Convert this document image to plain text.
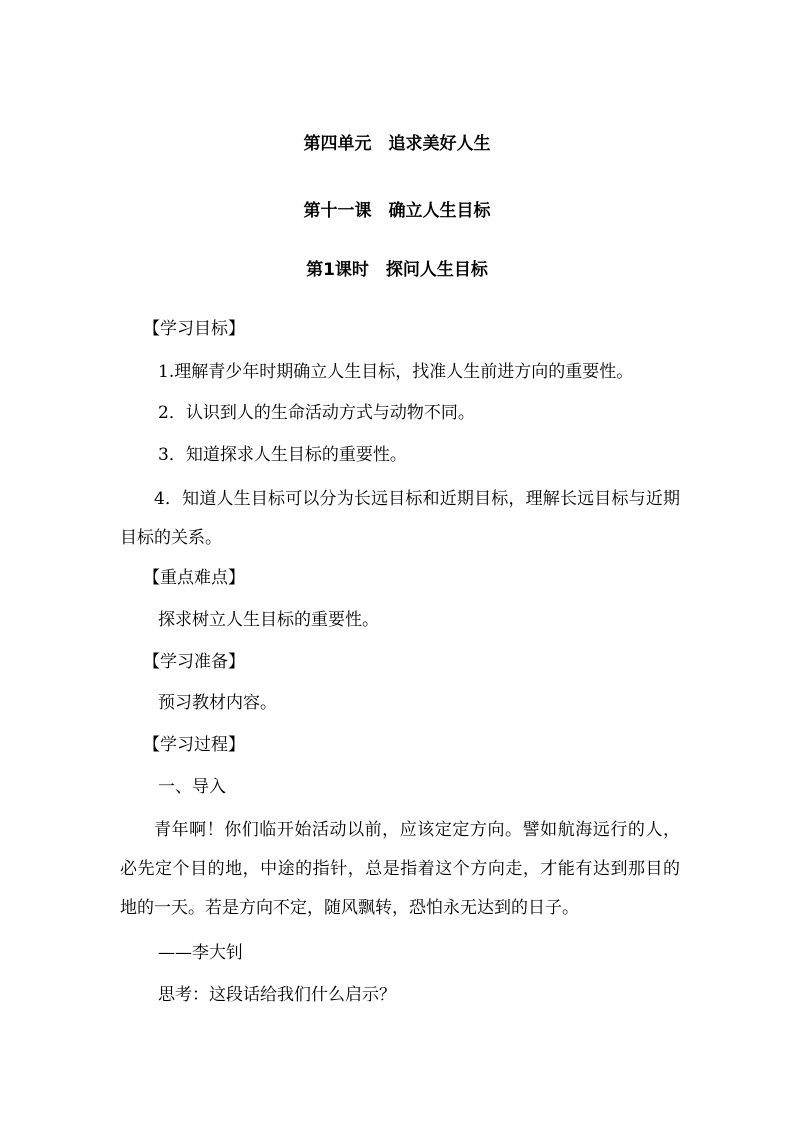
第四单元　追求美好人生
第十一课　确立人生目标
第1课时　探问人生目标
【学习目标】
1.理解青少年时期确立人生目标，找准人生前进方向的重要性。
2．认识到人的生命活动方式与动物不同。
3．知道探求人生目标的重要性。
4．知道人生目标可以分为长远目标和近期目标，理解长远目标与近期目标的关系。
【重点难点】
探求树立人生目标的重要性。
【学习准备】
预习教材内容。
【学习过程】
一、导入
青年啊！你们临开始活动以前，应该定定方向。譬如航海远行的人，必先定个目的地，中途的指针，总是指着这个方向走，才能有达到那目的地的一天。若是方向不定，随风飘转，恐怕永无达到的日子。
——李大钊
思考：这段话给我们什么启示？
